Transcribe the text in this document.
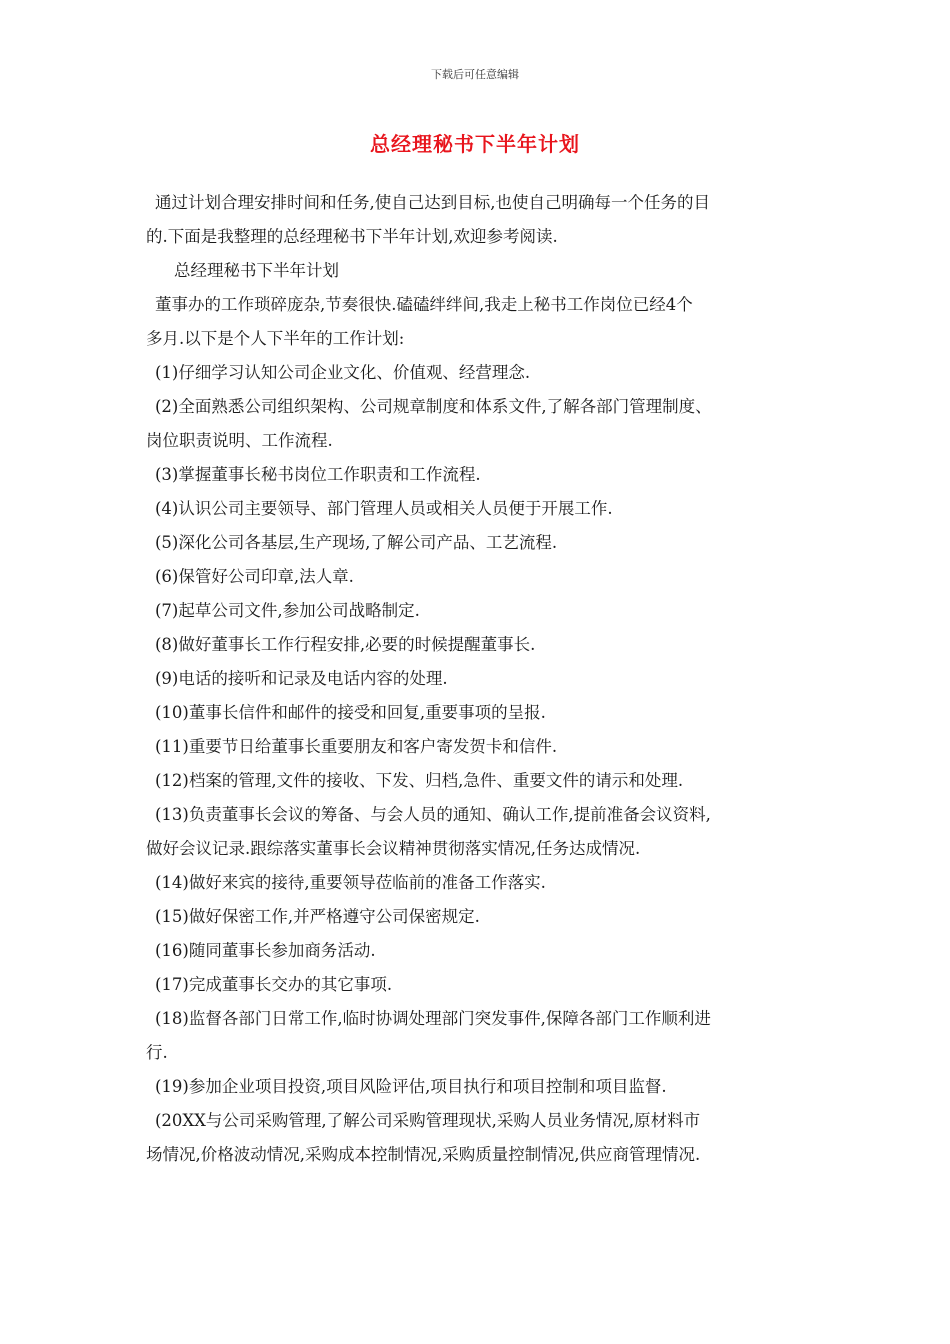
下载后可任意编辑
总经理秘书下半年计划

通过计划合理安排时间和任务,使自己达到目标,也使自己明确每一个任务的目

的.下面是我整理的总经理秘书下半年计划,欢迎参考阅读.

总经理秘书下半年计划

董事办的工作琐碎庞杂,节奏很快.磕磕绊绊间,我走上秘书工作岗位已经4个

多月.以下是个人下半年的工作计划:

(1)仔细学习认知公司企业文化、价值观、经营理念.

(2)全面熟悉公司组织架构、公司规章制度和体系文件,了解各部门管理制度、

岗位职责说明、工作流程.

(3)掌握董事长秘书岗位工作职责和工作流程.

(4)认识公司主要领导、部门管理人员或相关人员便于开展工作.

(5)深化公司各基层,生产现场,了解公司产品、工艺流程.

(6)保管好公司印章,法人章.

(7)起草公司文件,参加公司战略制定.

(8)做好董事长工作行程安排,必要的时候提醒董事长.

(9)电话的接听和记录及电话内容的处理.

(10)董事长信件和邮件的接受和回复,重要事项的呈报.

(11)重要节日给董事长重要朋友和客户寄发贺卡和信件.

(12)档案的管理,文件的接收、下发、归档,急件、重要文件的请示和处理.

(13)负责董事长会议的筹备、与会人员的通知、确认工作,提前准备会议资料,

做好会议记录.跟综落实董事长会议精神贯彻落实情况,任务达成情况.

(14)做好来宾的接待,重要领导莅临前的准备工作落实.

(15)做好保密工作,并严格遵守公司保密规定.

(16)随同董事长参加商务活动.

(17)完成董事长交办的其它事项.

(18)监督各部门日常工作,临时协调处理部门突发事件,保障各部门工作顺利进

行.

(19)参加企业项目投资,项目风险评估,项目执行和项目控制和项目监督.

(20XX与公司采购管理,了解公司采购管理现状,采购人员业务情况,原材料市

场情况,价格波动情况,采购成本控制情况,采购质量控制情况,供应商管理情况.
